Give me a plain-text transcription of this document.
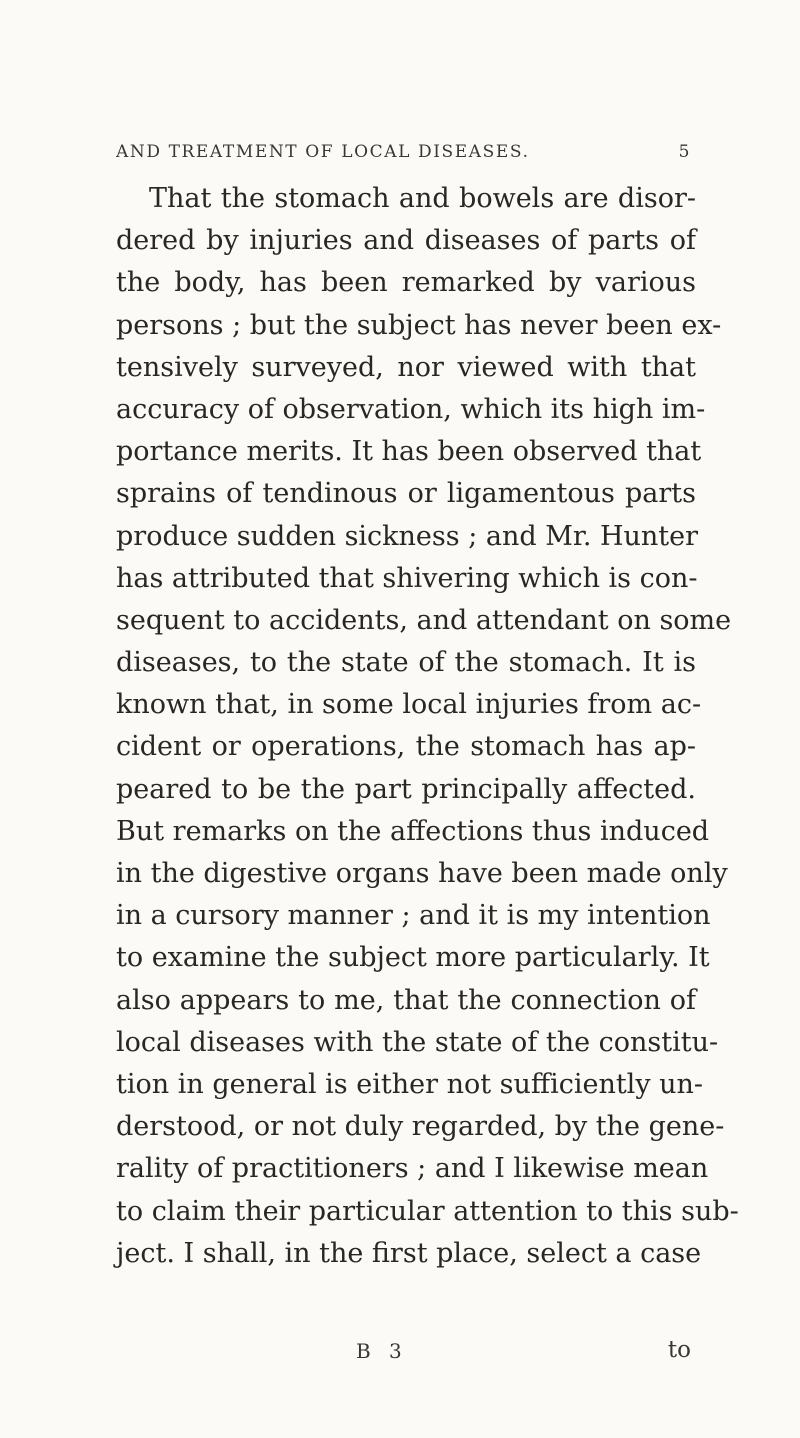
AND TREATMENT OF LOCAL DISEASES.	5
That the stomach and bowels are disor-
dered by injuries and diseases of parts of
the body, has been remarked by various
persons ; but the subject has never been ex-
tensively surveyed, nor viewed with that
accuracy of observation, which its high im-
portance merits. It has been observed that
sprains of tendinous or ligamentous parts
produce sudden sickness ; and Mr. Hunter
has attributed that shivering which is con-
sequent to accidents, and attendant on some
diseases, to the state of the stomach. It is
known that, in some local injuries from ac-
cident or operations, the stomach has ap-
peared to be the part principally affected.
But remarks on the affections thus induced
in the digestive organs have been made only
in a cursory manner ; and it is my intention
to examine the subject more particularly. It
also appears to me, that the connection of
local diseases with the state of the constitu-
tion in general is either not sufficiently un-
derstood, or not duly regarded, by the gene-
rality of practitioners ; and I likewise mean
to claim their particular attention to this sub-
ject. I shall, in the first place, select a case
B 3	to
